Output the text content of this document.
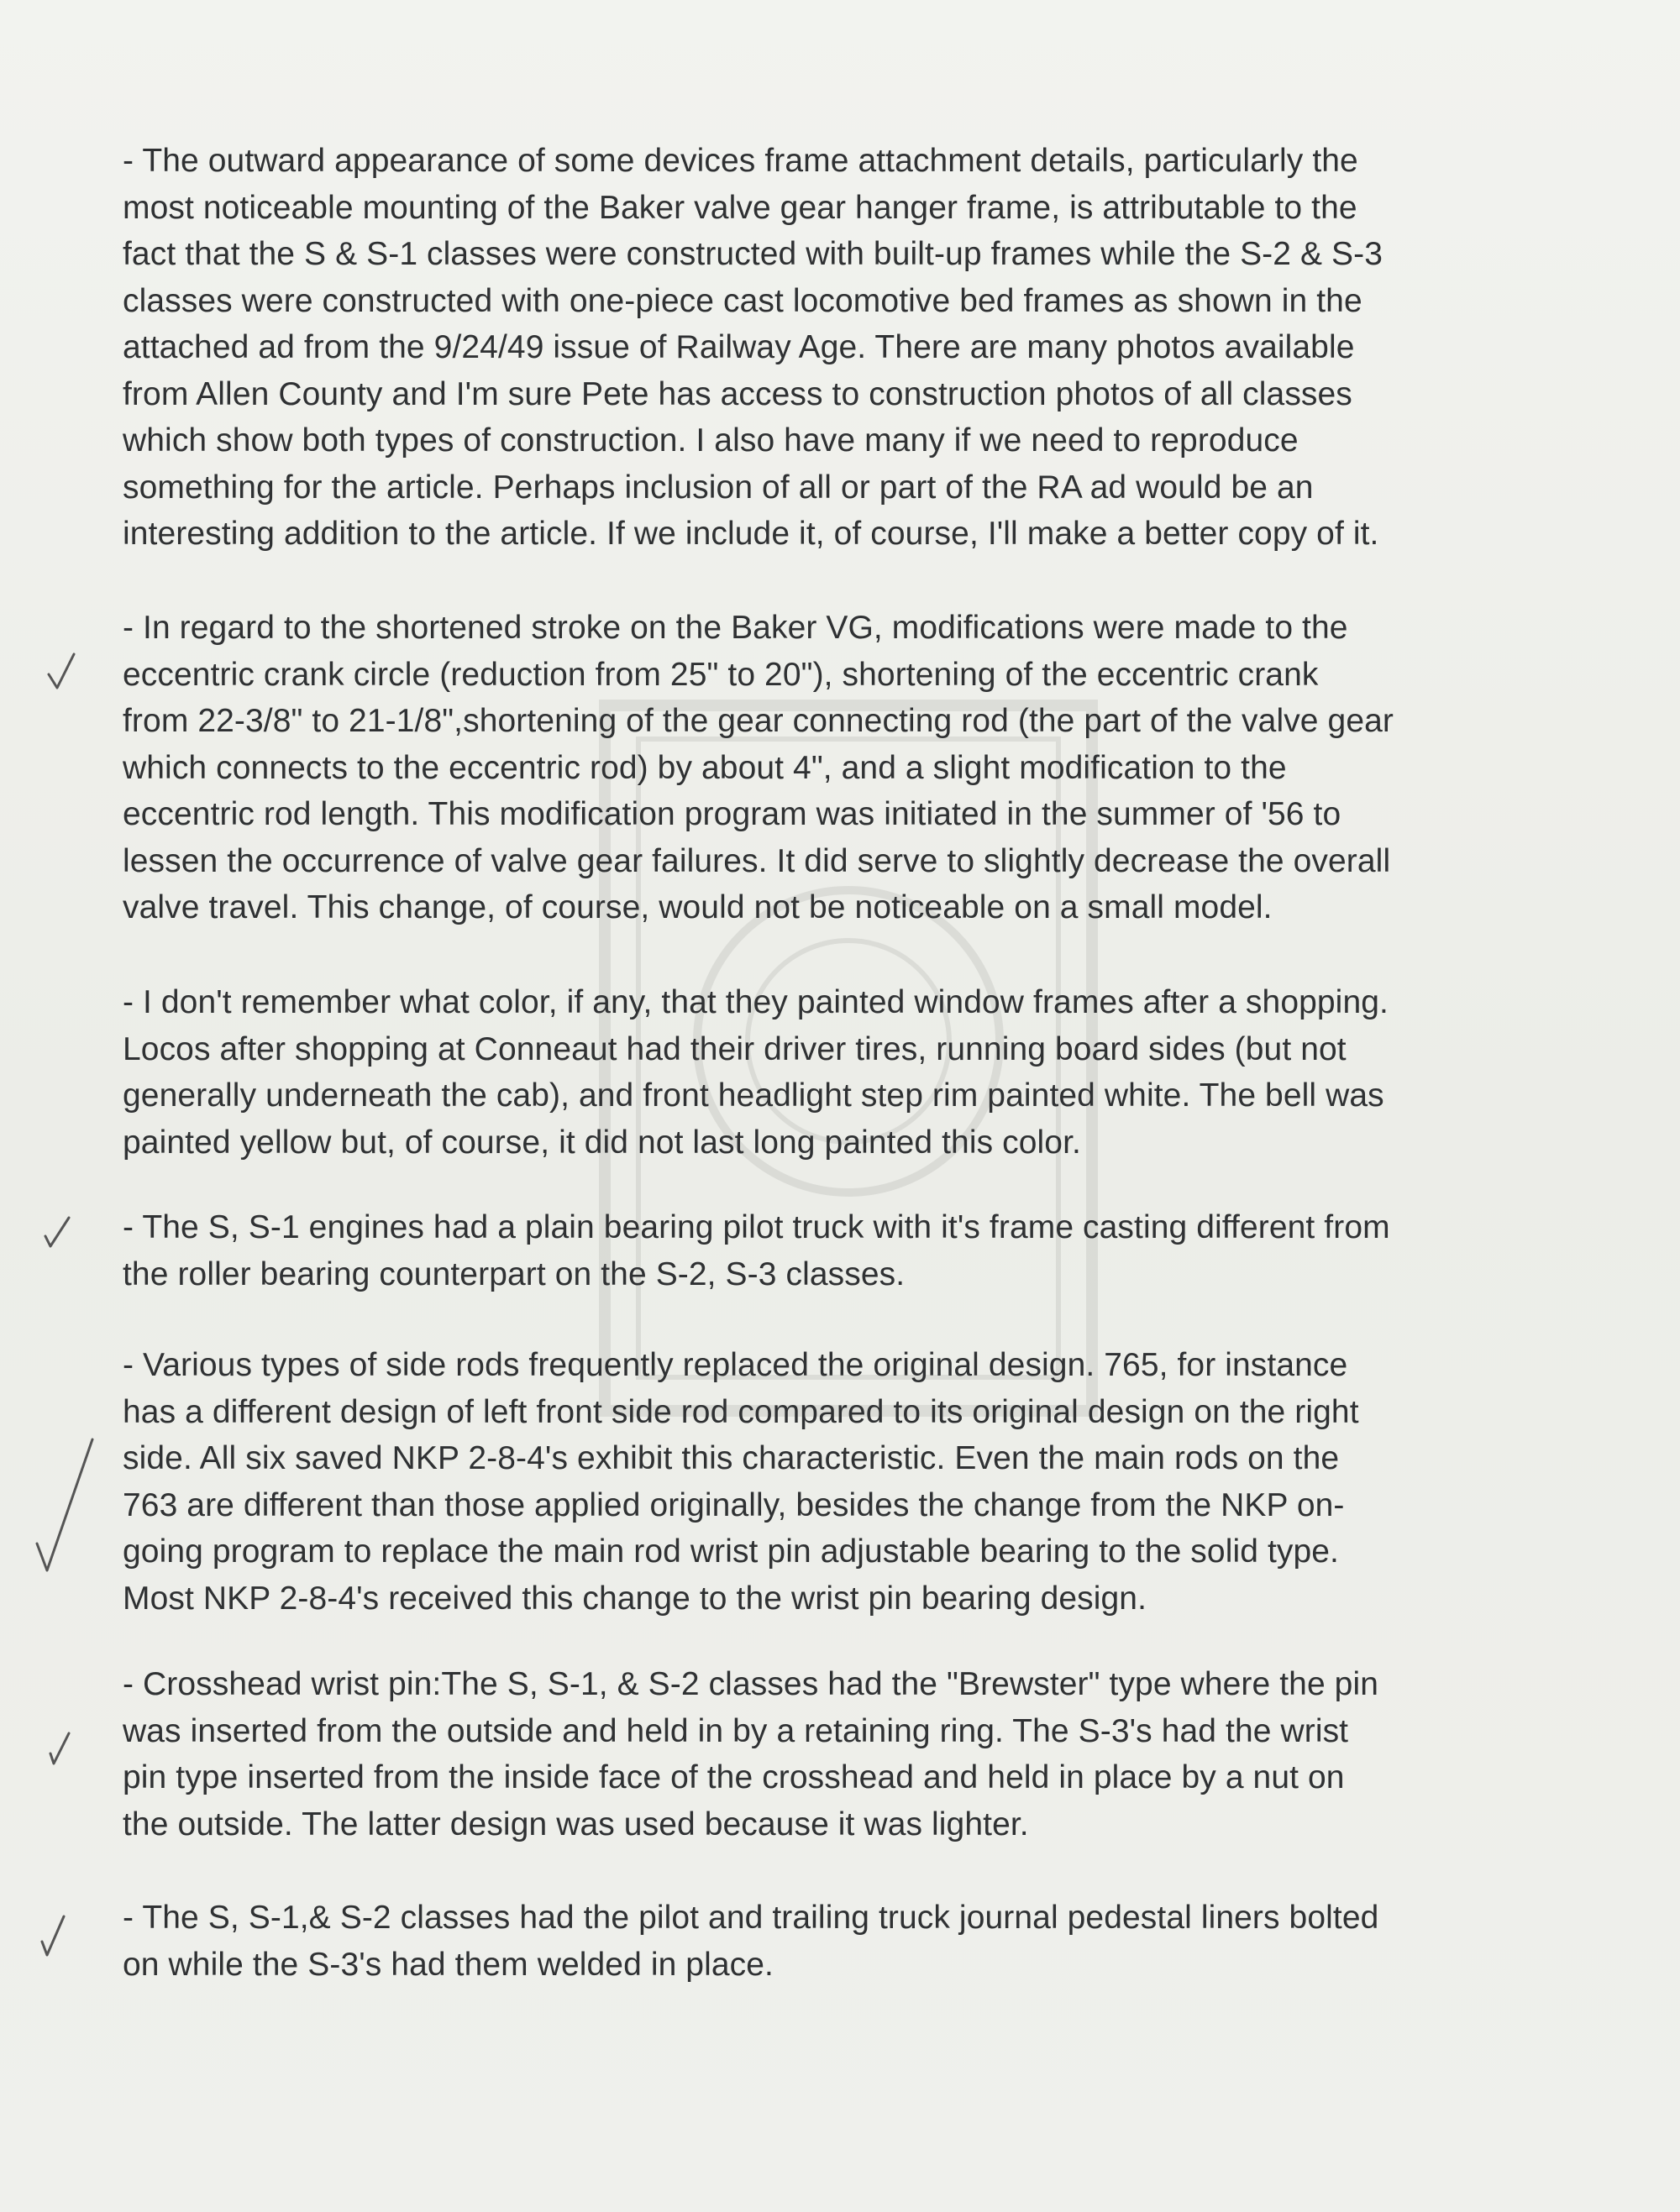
- The outward appearance of some devices frame attachment details, particularly the
most noticeable mounting of the Baker valve gear hanger frame, is attributable to the
fact that the S & S-1 classes were constructed with built-up frames while the S-2 & S-3
classes were constructed with one-piece cast locomotive bed frames as shown in the
attached ad from the 9/24/49 issue of Railway Age. There are many photos available
from Allen County and I'm sure Pete has access to construction photos of all classes
which show both types of construction. I also have many if we need to reproduce
something for the article. Perhaps inclusion of all or part of the RA ad would be an
interesting addition to the article. If we include it, of course, I'll make a better copy of it.
- In regard to the shortened stroke on the Baker VG, modifications were made to the
eccentric crank circle (reduction from 25" to 20"), shortening of the eccentric crank
from 22-3/8" to 21-1/8",shortening of the gear connecting rod (the part of the valve gear
which connects to the eccentric rod) by about 4", and a slight modification to the
eccentric rod length. This modification program was initiated in the summer of '56 to
lessen the occurrence of valve gear failures. It did serve to slightly decrease the overall
valve travel. This change, of course, would not be noticeable on a small model.
- I don't remember what color, if any, that they painted window frames after a shopping.
Locos after shopping at Conneaut had their driver tires, running board sides (but not
generally underneath the cab), and front headlight step rim painted white. The bell was
painted yellow but, of course, it did not last long painted this color.
- The S, S-1 engines had a plain bearing pilot truck with it's frame casting different from
the roller bearing counterpart on the S-2, S-3 classes.
- Various types of side rods frequently replaced the original design. 765, for instance
has a different design of left front side rod compared to its original design on the right
side. All six saved NKP 2-8-4's exhibit this characteristic. Even the main rods on the
763 are different than those applied originally, besides the change from the NKP on-
going program to replace the main rod wrist pin adjustable bearing to the solid type.
Most NKP 2-8-4's received this change to the wrist pin bearing design.
- Crosshead wrist pin:The S, S-1, & S-2 classes had the "Brewster" type where the pin
was inserted from the outside and held in by a retaining ring. The S-3's had the wrist
pin type inserted from the inside face of the crosshead and held in place by a nut on
the outside. The latter design was used because it was lighter.
- The S, S-1,& S-2 classes had the pilot and trailing truck journal pedestal liners bolted
on while the S-3's had them welded in place.
